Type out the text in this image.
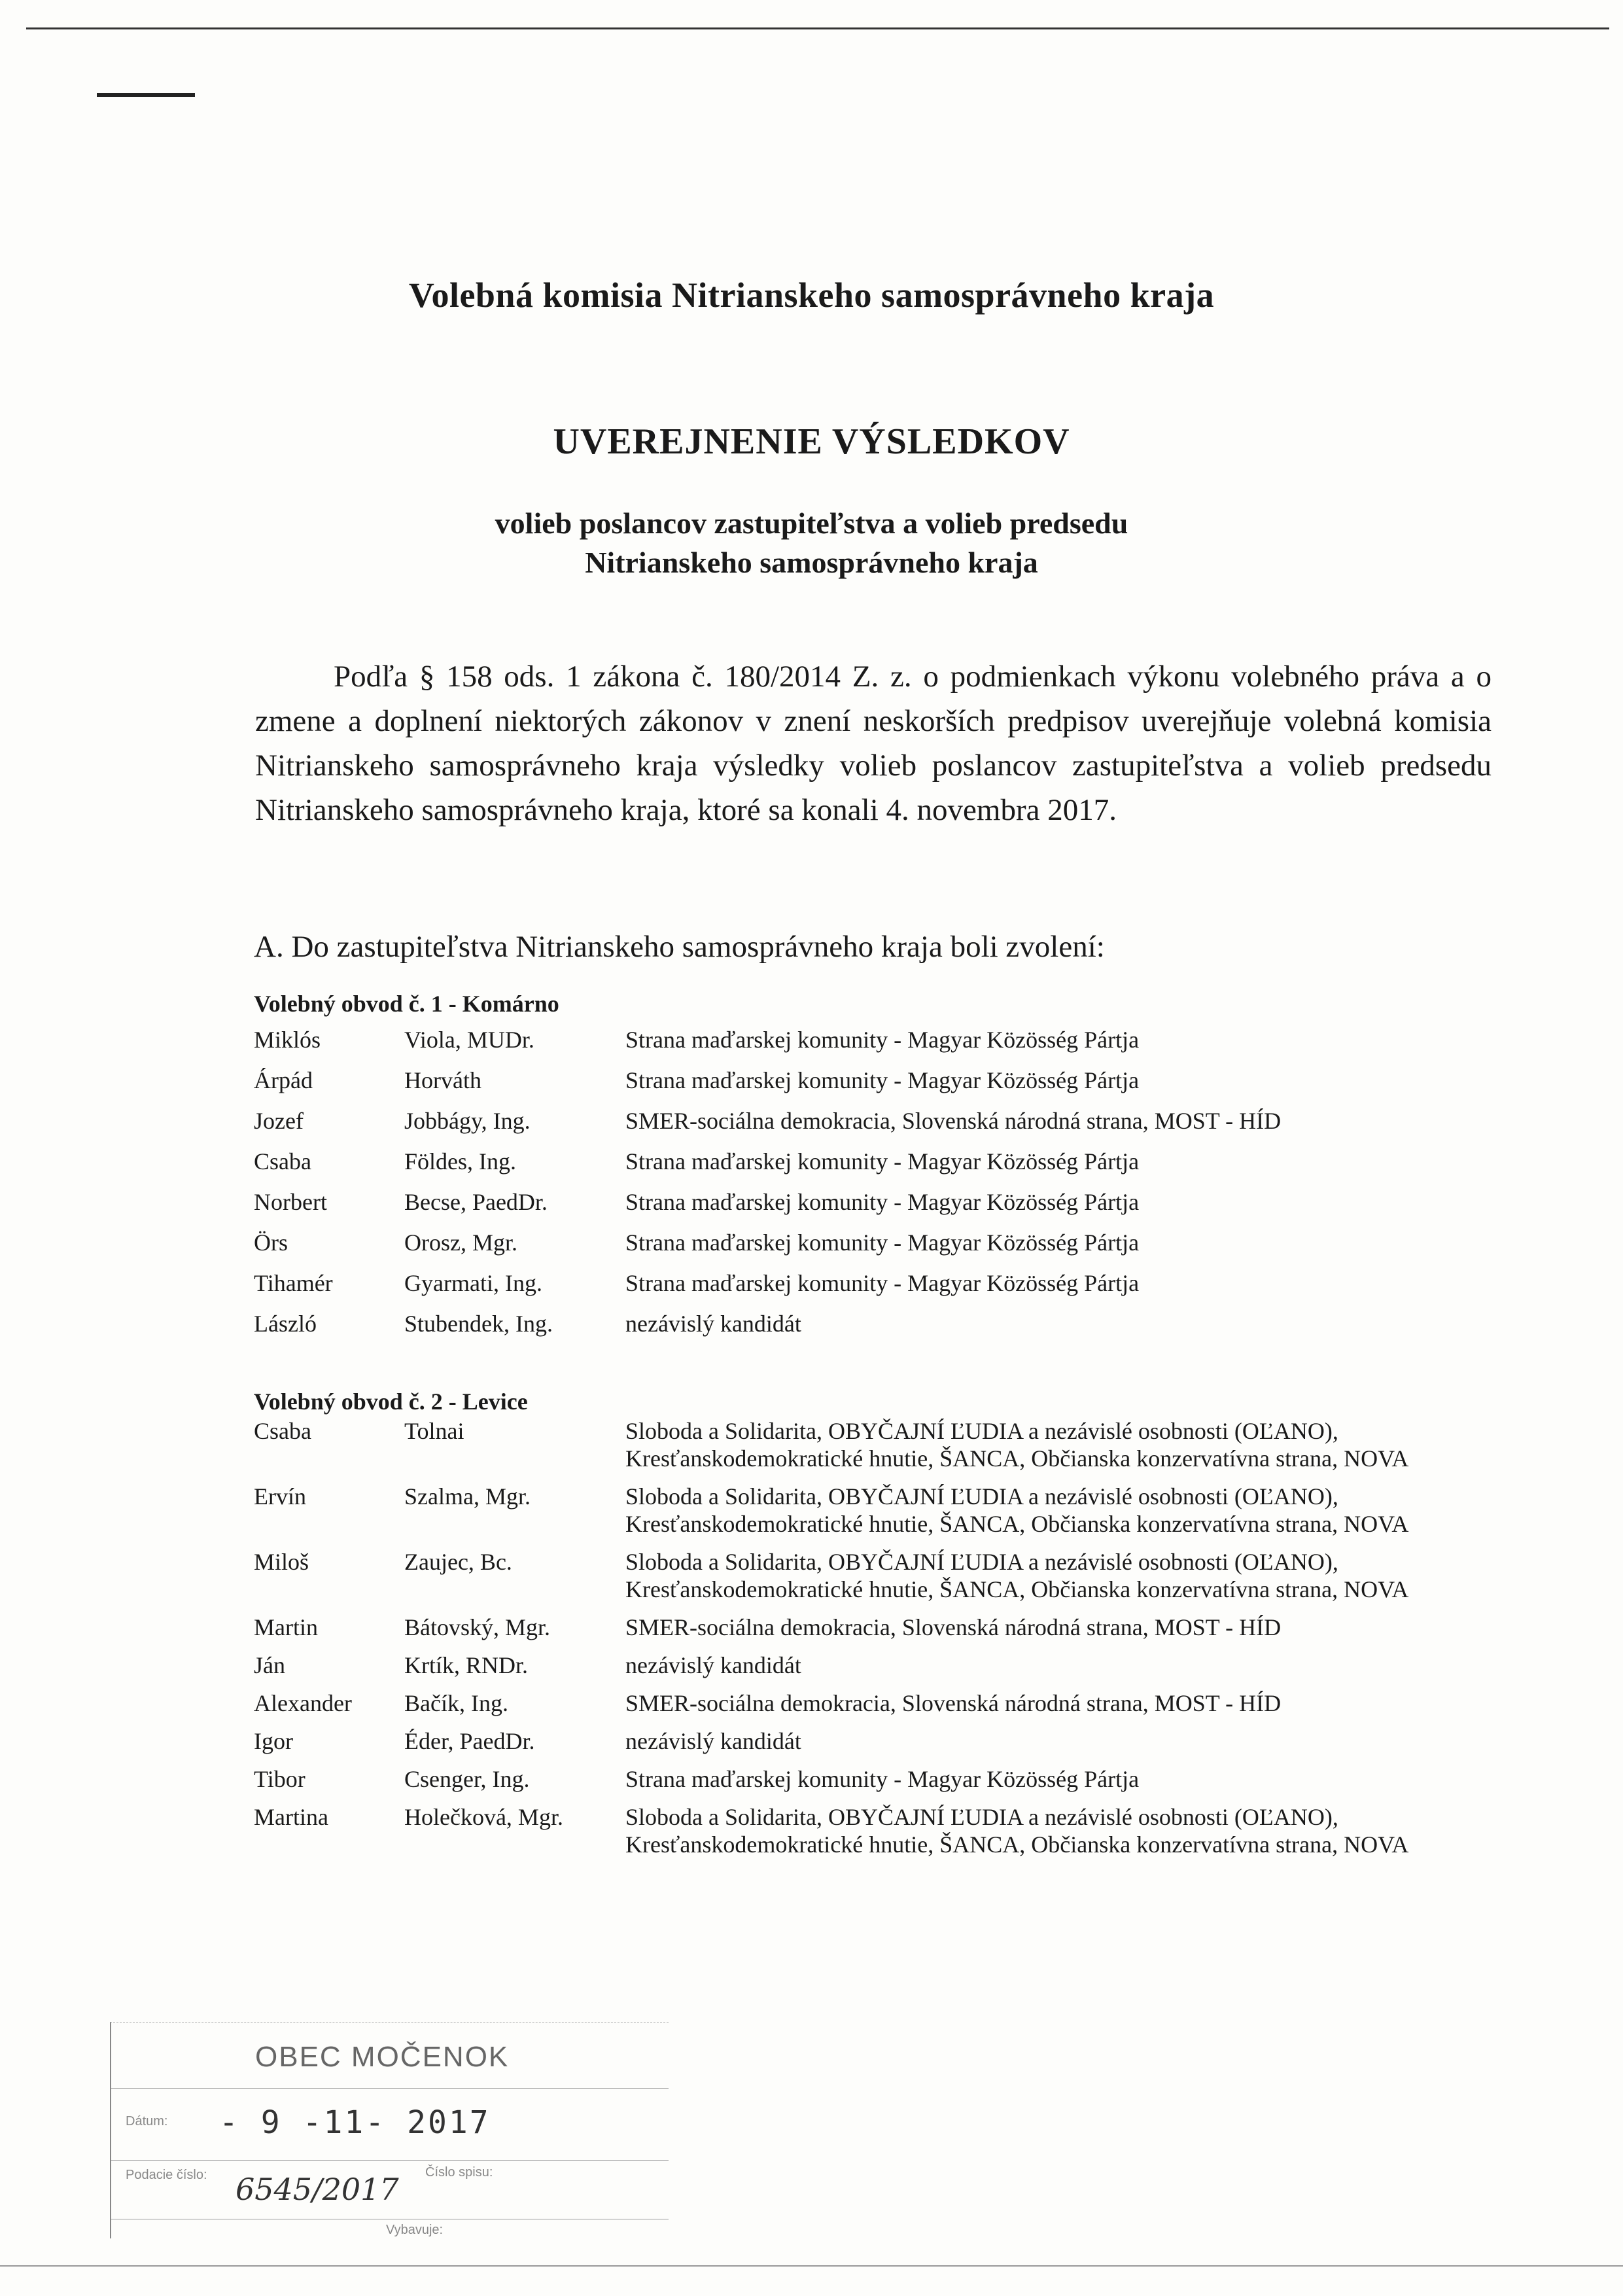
Volebná komisia Nitrianskeho samosprávneho kraja
UVEREJNENIE VÝSLEDKOV
volieb poslancov zastupiteľstva a volieb predsedu
Nitrianskeho samosprávneho kraja

Podľa § 158 ods. 1 zákona č. 180/2014 Z. z. o podmienkach výkonu volebného práva a o zmene a doplnení niektorých zákonov v znení neskorších predpisov uverejňuje volebná komisia Nitrianskeho samosprávneho kraja výsledky volieb poslancov zastupiteľstva a volieb predsedu Nitrianskeho samosprávneho kraja, ktoré sa konali 4. novembra 2017.

A. Do zastupiteľstva Nitrianskeho samosprávneho kraja boli zvolení:
Volebný obvod č. 1 - Komárno
Miklós	Viola, MUDr.	Strana maďarskej komunity - Magyar Közösség Pártja
Árpád	Horváth	Strana maďarskej komunity - Magyar Közösség Pártja
Jozef	Jobbágy, Ing.	SMER-sociálna demokracia, Slovenská národná strana, MOST - HÍD
Csaba	Földes, Ing.	Strana maďarskej komunity - Magyar Közösség Pártja
Norbert	Becse, PaedDr.	Strana maďarskej komunity - Magyar Közösség Pártja
Örs	Orosz, Mgr.	Strana maďarskej komunity - Magyar Közösség Pártja
Tihamér	Gyarmati, Ing.	Strana maďarskej komunity - Magyar Közösség Pártja
László	Stubendek, Ing.	nezávislý kandidát
Volebný obvod č. 2 - Levice
Csaba	Tolnai	Sloboda a Solidarita, OBYČAJNÍ ĽUDIA a nezávislé osobnosti (OĽANO), Kresťanskodemokratické hnutie, ŠANCA, Občianska konzervatívna strana, NOVA
Ervín	Szalma, Mgr.	Sloboda a Solidarita, OBYČAJNÍ ĽUDIA a nezávislé osobnosti (OĽANO), Kresťanskodemokratické hnutie, ŠANCA, Občianska konzervatívna strana, NOVA
Miloš	Zaujec, Bc.	Sloboda a Solidarita, OBYČAJNÍ ĽUDIA a nezávislé osobnosti (OĽANO), Kresťanskodemokratické hnutie, ŠANCA, Občianska konzervatívna strana, NOVA
Martin	Bátovský, Mgr.	SMER-sociálna demokracia, Slovenská národná strana, MOST - HÍD
Ján	Krtík, RNDr.	nezávislý kandidát
Alexander	Bačík, Ing.	SMER-sociálna demokracia, Slovenská národná strana, MOST - HÍD
Igor	Éder, PaedDr.	nezávislý kandidát
Tibor	Csenger, Ing.	Strana maďarskej komunity - Magyar Közösség Pártja
Martina	Holečková, Mgr.	Sloboda a Solidarita, OBYČAJNÍ ĽUDIA a nezávislé osobnosti (OĽANO), Kresťanskodemokratické hnutie, ŠANCA, Občianska konzervatívna strana, NOVA
OBEC MOČENOK
Dátum: - 9 -11- 2017
Podacie číslo:	Číslo spisu:
6545/2017
Vybavuje:
